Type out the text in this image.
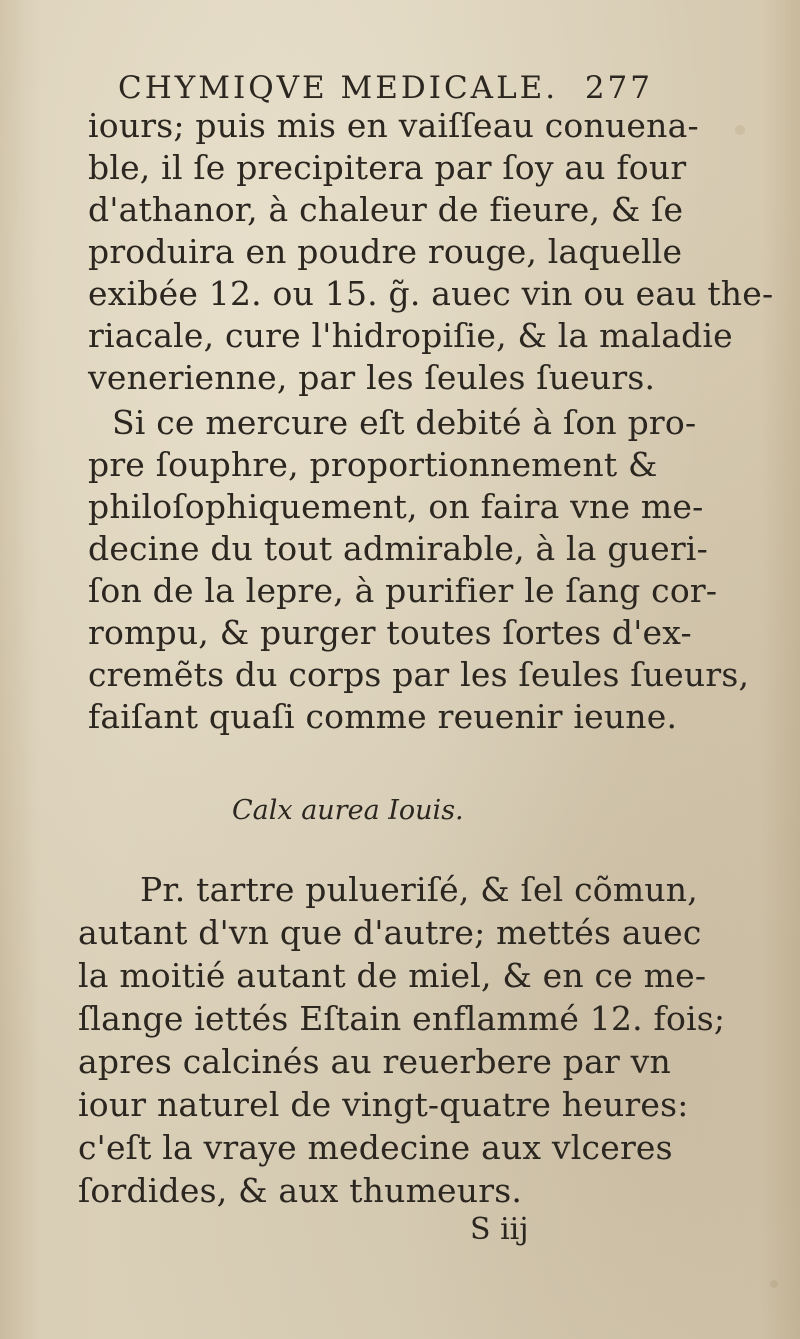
CHYMIQVE MEDICALE. 277
iours; puis mis en vaiſſeau conuena-
ble, il ſe precipitera par ſoy au four
d'athanor, à chaleur de fieure, & ſe
produira en poudre rouge, laquelle
exibée 12. ou 15. g̃. auec vin ou eau the-
riacale, cure l'hidropiſie, & la maladie
venerienne, par les ſeules ſueurs.
Si ce mercure eſt debité à ſon pro-
pre ſouphre, proportionnement &
philoſophiquement, on faira vne me-
decine du tout admirable, à la gueri-
ſon de la lepre, à purifier le ſang cor-
rompu, & purger toutes ſortes d'ex-
cremẽts du corps par les ſeules ſueurs,
faiſant quaſi comme reuenir ieune.
Calx aurea Iouis.
Pr. tartre pulueriſé, & ſel cõmun,
autant d'vn que d'autre; mettés auec
la moitié autant de miel, & en ce me-
ſlange iettés Eſtain enflammé 12. fois;
apres calcinés au reuerbere par vn
iour naturel de vingt-quatre heures:
c'eſt la vraye medecine aux vlceres
ſordides, & aux thumeurs.
S iij
